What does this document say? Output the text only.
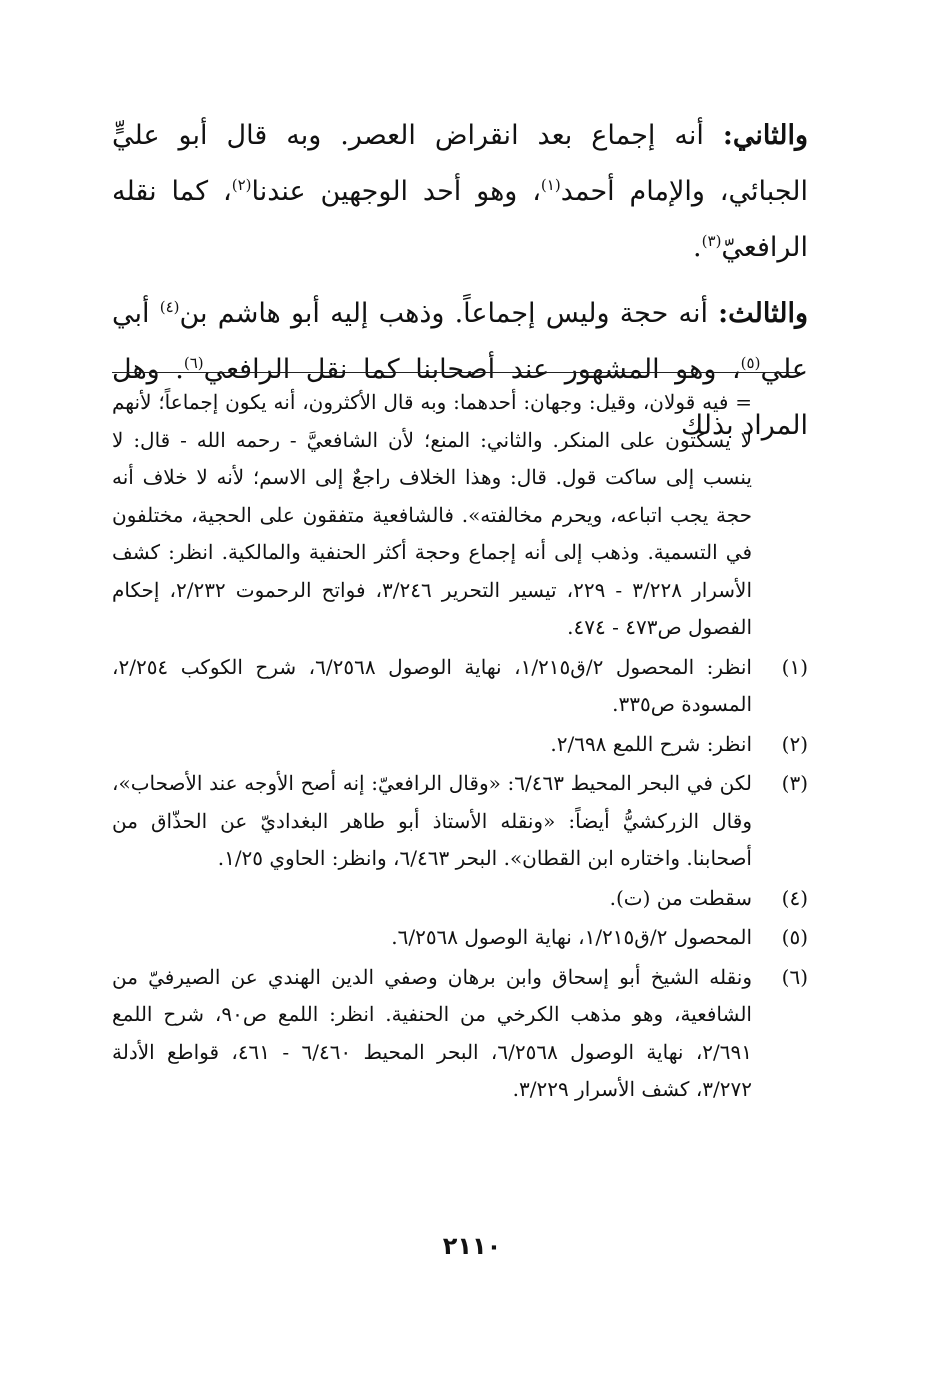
والثاني: أنه إجماع بعد انقراض العصر. وبه قال أبو عليٍّ الجبائي، والإمام أحمد$^{(١)}$، وهو أحد الوجهين عندنا$^{(٢)}$، كما نقله الرافعيّ$^{(٣)}$.

والثالث: أنه حجة وليس إجماعاً. وذهب إليه أبو هاشم بن$^{(٤)}$ أبي علي$^{(٥)}$، وهو المشهور عند أصحابنا كما نقل الرافعي$^{(٦)}$. وهل المراد بذلك

= فيه قولان، وقيل: وجهان: أحدهما: وبه قال الأكثرون، أنه يكون إجماعاً؛ لأنهم لا يسكتون على المنكر. والثاني: المنع؛ لأن الشافعيَّ - رحمه الله - قال: لا ينسب إلى ساكت قول. قال: وهذا الخلاف راجعٌ إلى الاسم؛ لأنه لا خلاف أنه حجة يجب اتباعه، ويحرم مخالفته». فالشافعية متفقون على الحجية، مختلفون في التسمية. وذهب إلى أنه إجماع وحجة أكثر الحنفية والمالكية. انظر: كشف الأسرار ٣/٢٢٨ - ٢٢٩، تيسير التحرير ٣/٢٤٦، فواتح الرحموت ٢/٢٣٢، إحكام الفصول ص٤٧٣ - ٤٧٤.
(١)
انظر: المحصول ٢/ق١/٢١٥، نهاية الوصول ٦/٢٥٦٨، شرح الكوكب ٢/٢٥٤، المسودة ص٣٣٥.
(٢)
انظر: شرح اللمع ٢/٦٩٨.
(٣)
لكن في البحر المحيط ٦/٤٦٣: «وقال الرافعيّ: إنه أصح الأوجه عند الأصحاب»، وقال الزركشيُّ أيضاً: «ونقله الأستاذ أبو طاهر البغداديّ عن الحذّاق من أصحابنا. واختاره ابن القطان». البحر ٦/٤٦٣، وانظر: الحاوي ١/٢٥.
(٤)
سقطت من (ت).
(٥)
المحصول ٢/ق١/٢١٥، نهاية الوصول ٦/٢٥٦٨.
(٦)
ونقله الشيخ أبو إسحاق وابن برهان وصفي الدين الهندي عن الصيرفيّ من الشافعية، وهو مذهب الكرخي من الحنفية. انظر: اللمع ص٩٠، شرح اللمع ٢/٦٩١، نهاية الوصول ٦/٢٥٦٨، البحر المحيط ٦/٤٦٠ - ٤٦١، قواطع الأدلة ٣/٢٧٢، كشف الأسرار ٣/٢٢٩.
٢١١٠
